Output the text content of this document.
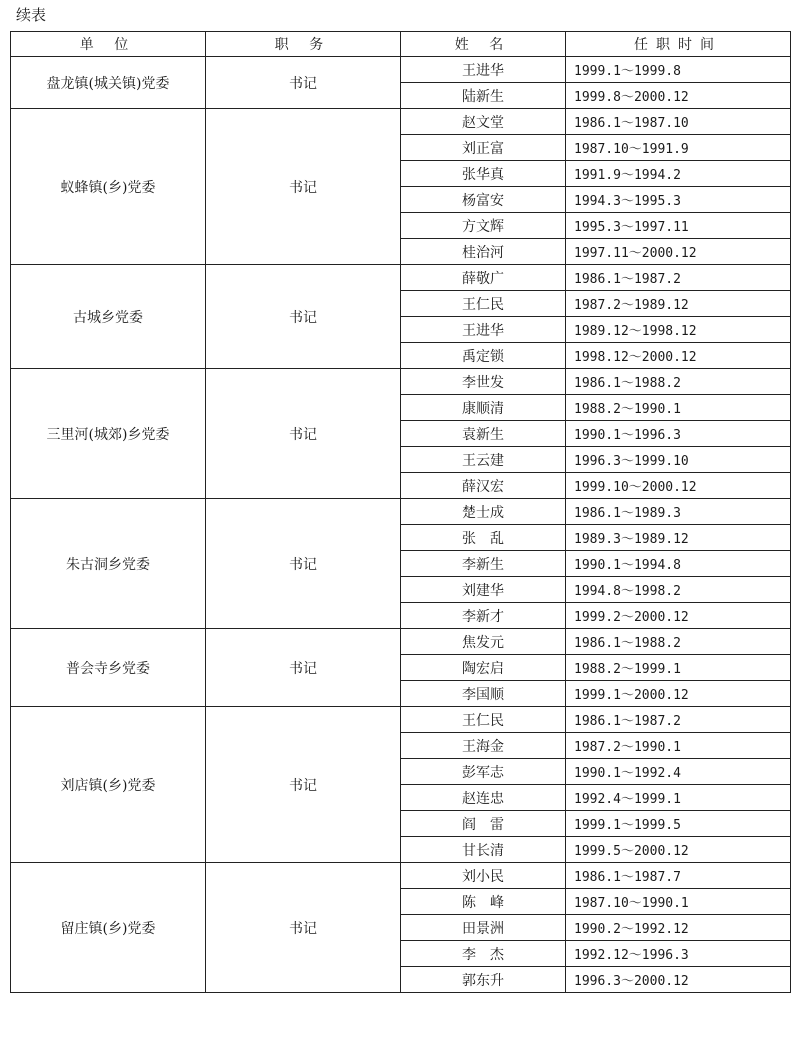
续表
单 位	职 务	姓 名	任职时间
盘龙镇(城关镇)党委	书记	王进华	1999.1～1999.8
		陆新生	1999.8～2000.12
蚁蜂镇(乡)党委	书记	赵文堂	1986.1～1987.10
		刘正富	1987.10～1991.9
		张华真	1991.9～1994.2
		杨富安	1994.3～1995.3
		方文辉	1995.3～1997.11
		桂治河	1997.11～2000.12
古城乡党委	书记	薛敬广	1986.1～1987.2
		王仁民	1987.2～1989.12
		王进华	1989.12～1998.12
		禹定锁	1998.12～2000.12
三里河(城郊)乡党委	书记	李世发	1986.1～1988.2
		康顺清	1988.2～1990.1
		袁新生	1990.1～1996.3
		王云建	1996.3～1999.10
		薛汉宏	1999.10～2000.12
朱古洞乡党委	书记	楚士成	1986.1～1989.3
		张　乱	1989.3～1989.12
		李新生	1990.1～1994.8
		刘建华	1994.8～1998.2
		李新才	1999.2～2000.12
普会寺乡党委	书记	焦发元	1986.1～1988.2
		陶宏启	1988.2～1999.1
		李国顺	1999.1～2000.12
刘店镇(乡)党委	书记	王仁民	1986.1～1987.2
		王海金	1987.2～1990.1
		彭军志	1990.1～1992.4
		赵连忠	1992.4～1999.1
		阎　雷	1999.1～1999.5
		甘长清	1999.5～2000.12
留庄镇(乡)党委	书记	刘小民	1986.1～1987.7
		陈　峰	1987.10～1990.1
		田景洲	1990.2～1992.12
		李　杰	1992.12～1996.3
		郭东升	1996.3～2000.12
